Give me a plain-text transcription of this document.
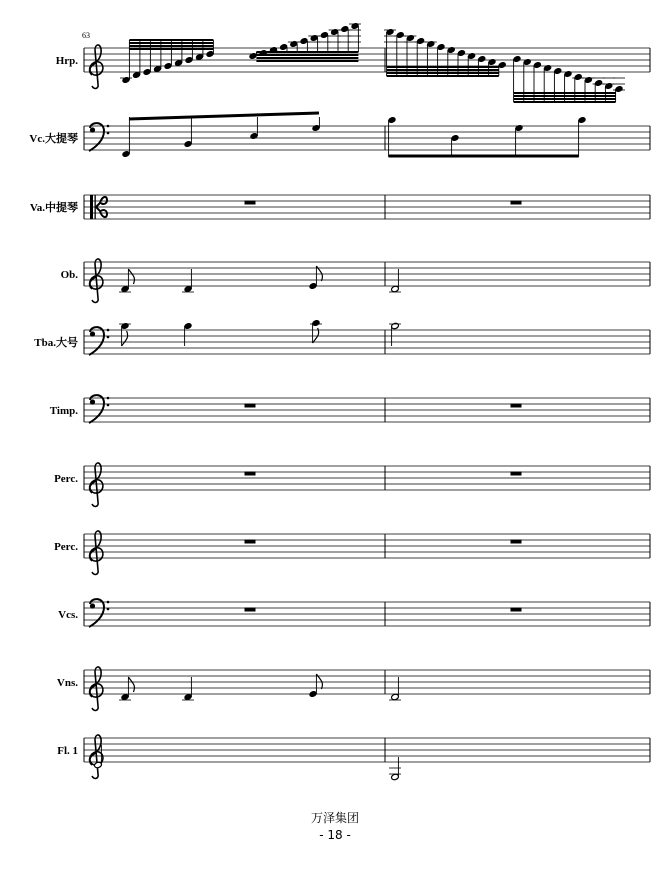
63
Hrp.
Vc.大提琴
Va.中提琴
Ob.
Tba.大号
Timp.
Perc.
Perc.
Vcs.
Vns.
Fl. 1
万泽集团
- 18 -
